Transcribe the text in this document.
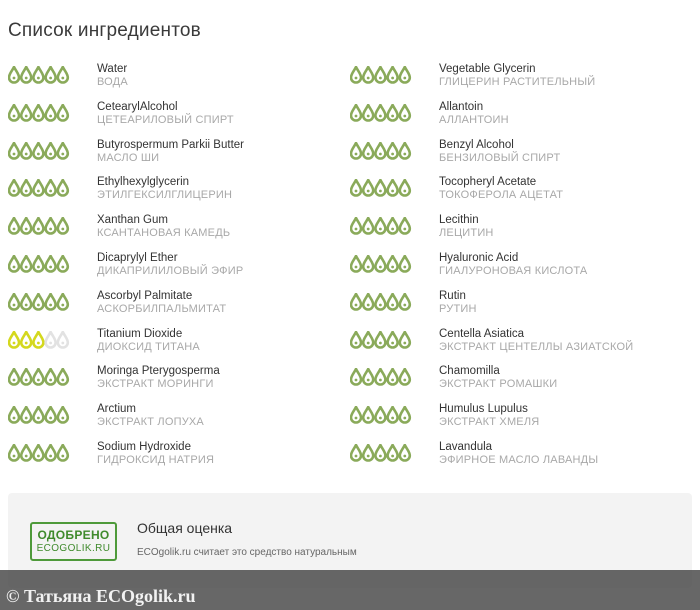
Список ингредиентов
Water
ВОДА
CetearylAlcohol
ЦЕТЕАРИЛОВЫЙ СПИРТ
Butyrospermum Parkii Butter
МАСЛО ШИ
Ethylhexylglycerin
ЭТИЛГЕКСИЛГЛИЦЕРИН
Xanthan Gum
КСАНТАНОВАЯ КАМЕДЬ
Dicaprylyl Ether
ДИКАПРИЛИЛОВЫЙ ЭФИР
Ascorbyl Palmitate
АСКОРБИЛПАЛЬМИТАТ
Titanium Dioxide
ДИОКСИД ТИТАНА
Moringa Pterygosperma
ЭКСТРАКТ МОРИНГИ
Arctium
ЭКСТРАКТ ЛОПУХА
Sodium Hydroxide
ГИДРОКСИД НАТРИЯ
Vegetable Glycerin
ГЛИЦЕРИН РАСТИТЕЛЬНЫЙ
Allantoin
АЛЛАНТОИН
Benzyl Alcohol
БЕНЗИЛОВЫЙ СПИРТ
Tocopheryl Acetate
ТОКОФЕРОЛА АЦЕТАТ
Lecithin
ЛЕЦИТИН
Hyaluronic Acid
ГИАЛУРОНОВАЯ КИСЛОТА
Rutin
РУТИН
Centella Asiatica
ЭКСТРАКТ ЦЕНТЕЛЛЫ АЗИАТСКОЙ
Chamomilla
ЭКСТРАКТ РОМАШКИ
Humulus Lupulus
ЭКСТРАКТ ХМЕЛЯ
Lavandula
ЭФИРНОЕ МАСЛО ЛАВАНДЫ
ОДОБРЕНО
ECOGOLIK.RU
Общая оценка
ECOgolik.ru считает это средство натуральным
© Татьяна ECOgolik.ru
